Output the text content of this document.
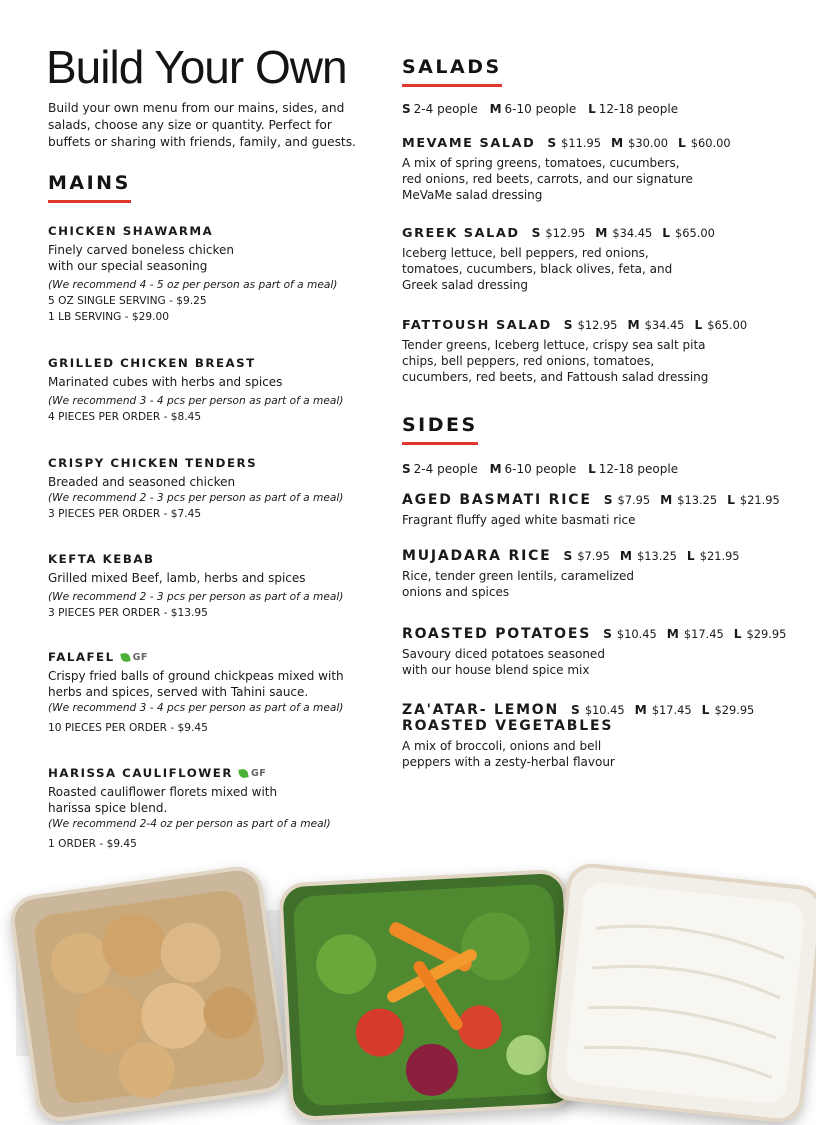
Build Your Own

Build your own menu from our mains, sides, and salads, choose any size or quantity. Perfect for buffets or sharing with friends, family, and guests.

MAINS

CHICKEN SHAWARMA

Finely carved boneless chicken with our special seasoning

(We recommend 4 - 5 oz per person as part of a meal)

5 OZ SINGLE SERVING - $9.25

1 LB SERVING - $29.00

GRILLED CHICKEN BREAST

Marinated cubes with herbs and spices

(We recommend 3 - 4 pcs per person as part of a meal)

4 PIECES PER ORDER - $8.45

CRISPY CHICKEN TENDERS

Breaded and seasoned chicken

(We recommend 2 - 3 pcs per person as part of a meal)

3 PIECES PER ORDER - $7.45

KEFTA KEBAB

Grilled mixed Beef, lamb, herbs and spices

(We recommend 2 - 3 pcs per person as part of a meal)

3 PIECES PER ORDER - $13.95

FALAFEL GF

Crispy fried balls of ground chickpeas mixed with herbs and spices, served with Tahini sauce.

(We recommend 3 - 4 pcs per person as part of a meal)

10 PIECES PER ORDER - $9.45

HARISSA CAULIFLOWER GF

Roasted cauliflower florets mixed with harissa spice blend.

(We recommend 2-4 oz per person as part of a meal)

1 ORDER - $9.45

SALADS
S 2-4 people M 6-10 people L 12-18 people
MEVAME SALAD S $11.95 M $30.00 L $60.00

A mix of spring greens, tomatoes, cucumbers, red onions, red beets, carrots, and our signature MeVaMe salad dressing

GREEK SALAD S $12.95 M $34.45 L $65.00

Iceberg lettuce, bell peppers, red onions, tomatoes, cucumbers, black olives, feta, and Greek salad dressing

FATTOUSH SALAD S $12.95 M $34.45 L $65.00

Tender greens, Iceberg lettuce, crispy sea salt pita chips, bell peppers, red onions, tomatoes, cucumbers, red beets, and Fattoush salad dressing

SIDES
S 2-4 people M 6-10 people L 12-18 people
AGED BASMATI RICE S $7.95 M $13.25 L $21.95

Fragrant fluffy aged white basmati rice

MUJADARA RICE S $7.95 M $13.25 L $21.95

Rice, tender green lentils, caramelized onions and spices

ROASTED POTATOES S $10.45 M $17.45 L $29.95

Savoury diced potatoes seasoned with our house blend spice mix

ZA'ATAR- LEMON S $10.45 M $17.45 L $29.95
ROASTED VEGETABLES

A mix of broccoli, onions and bell peppers with a zesty-herbal flavour
